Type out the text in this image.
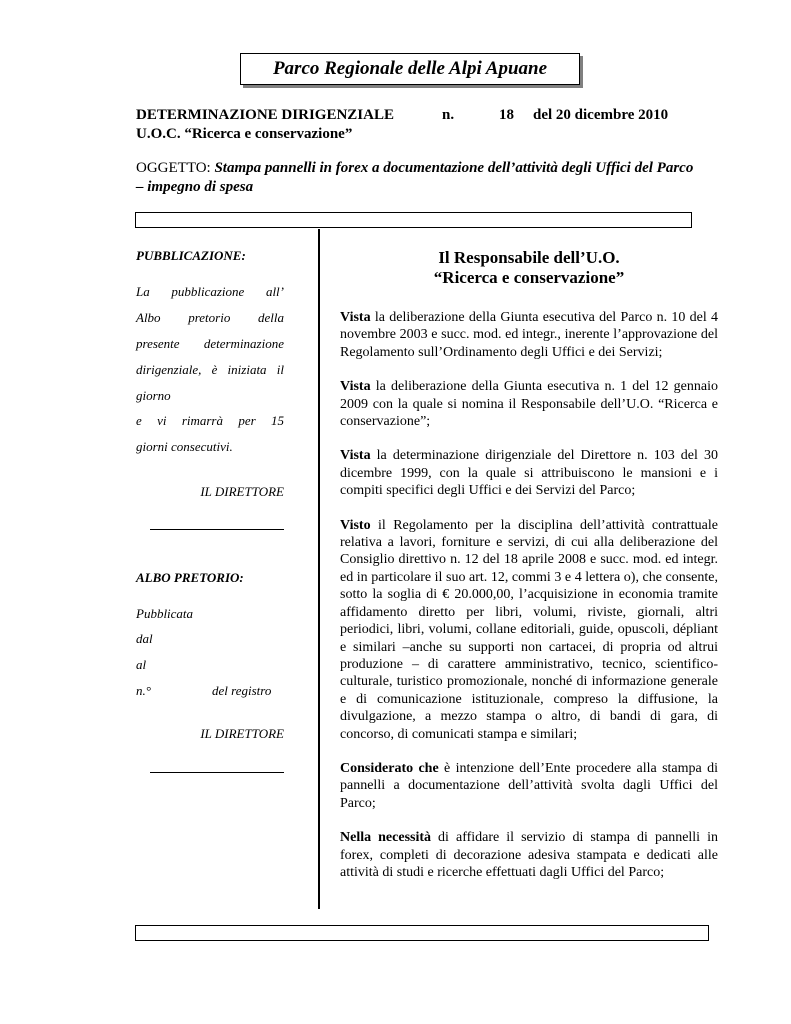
Parco Regionale delle Alpi Apuane
DETERMINAZIONE DIRIGENZIALE	n.	18 del 20 dicembre 2010
U.O.C. “Ricerca e conservazione”
OGGETTO: Stampa pannelli in forex a documentazione dell’attività degli Uffici del Parco – impegno di spesa
PUBBLICAZIONE:
La pubblicazione all’
Albo pretorio della
presente determinazione
dirigenziale, è iniziata il
giorno
e vi rimarrà per 15
giorni consecutivi.
IL DIRETTORE
ALBO PRETORIO:
Pubblicata
dal
al
n.°	del registro
IL DIRETTORE

Il Responsabile dell’U.O.

“Ricerca e conservazione”

Vista la deliberazione della Giunta esecutiva del Parco n. 10 del 4 novembre 2003 e succ. mod. ed integr., inerente l’approvazione del Regolamento sull’Ordinamento degli Uffici e dei Servizi;

Vista la deliberazione della Giunta esecutiva n. 1 del 12 gennaio 2009 con la quale si nomina il Responsabile dell’U.O. “Ricerca e conservazione”;

Vista la determinazione dirigenziale del Direttore n. 103 del 30 dicembre 1999, con la quale si attribuiscono le mansioni e i compiti specifici degli Uffici e dei Servizi del Parco;

Visto il Regolamento per la disciplina dell’attività contrattuale relativa a lavori, forniture e servizi, di cui alla deliberazione del Consiglio direttivo n. 12 del 18 aprile 2008 e succ. mod. ed integr. ed in particolare il suo art. 12, commi 3 e 4 lettera o), che consente, sotto la soglia di € 20.000,00, l’acquisizione in economia tramite affidamento diretto per libri, volumi, riviste, giornali, altri periodici, libri, volumi, collane editoriali, guide, opuscoli, dépliant e similari –anche su supporti non cartacei, di propria od altrui produzione – di carattere amministrativo, tecnico, scientifico-culturale, turistico promozionale, nonché di informazione generale e di comunicazione istituzionale, compreso la diffusione, la divulgazione, a mezzo stampa o altro, di bandi di gara, di concorso, di comunicati stampa e similari;

Considerato che è intenzione dell’Ente procedere alla stampa di pannelli a documentazione dell’attività svolta dagli Uffici del Parco;

Nella necessità di affidare il servizio di stampa di pannelli in forex, completi di decorazione adesiva stampata e dedicati alle attività di studi e ricerche effettuati dagli Uffici del Parco;
